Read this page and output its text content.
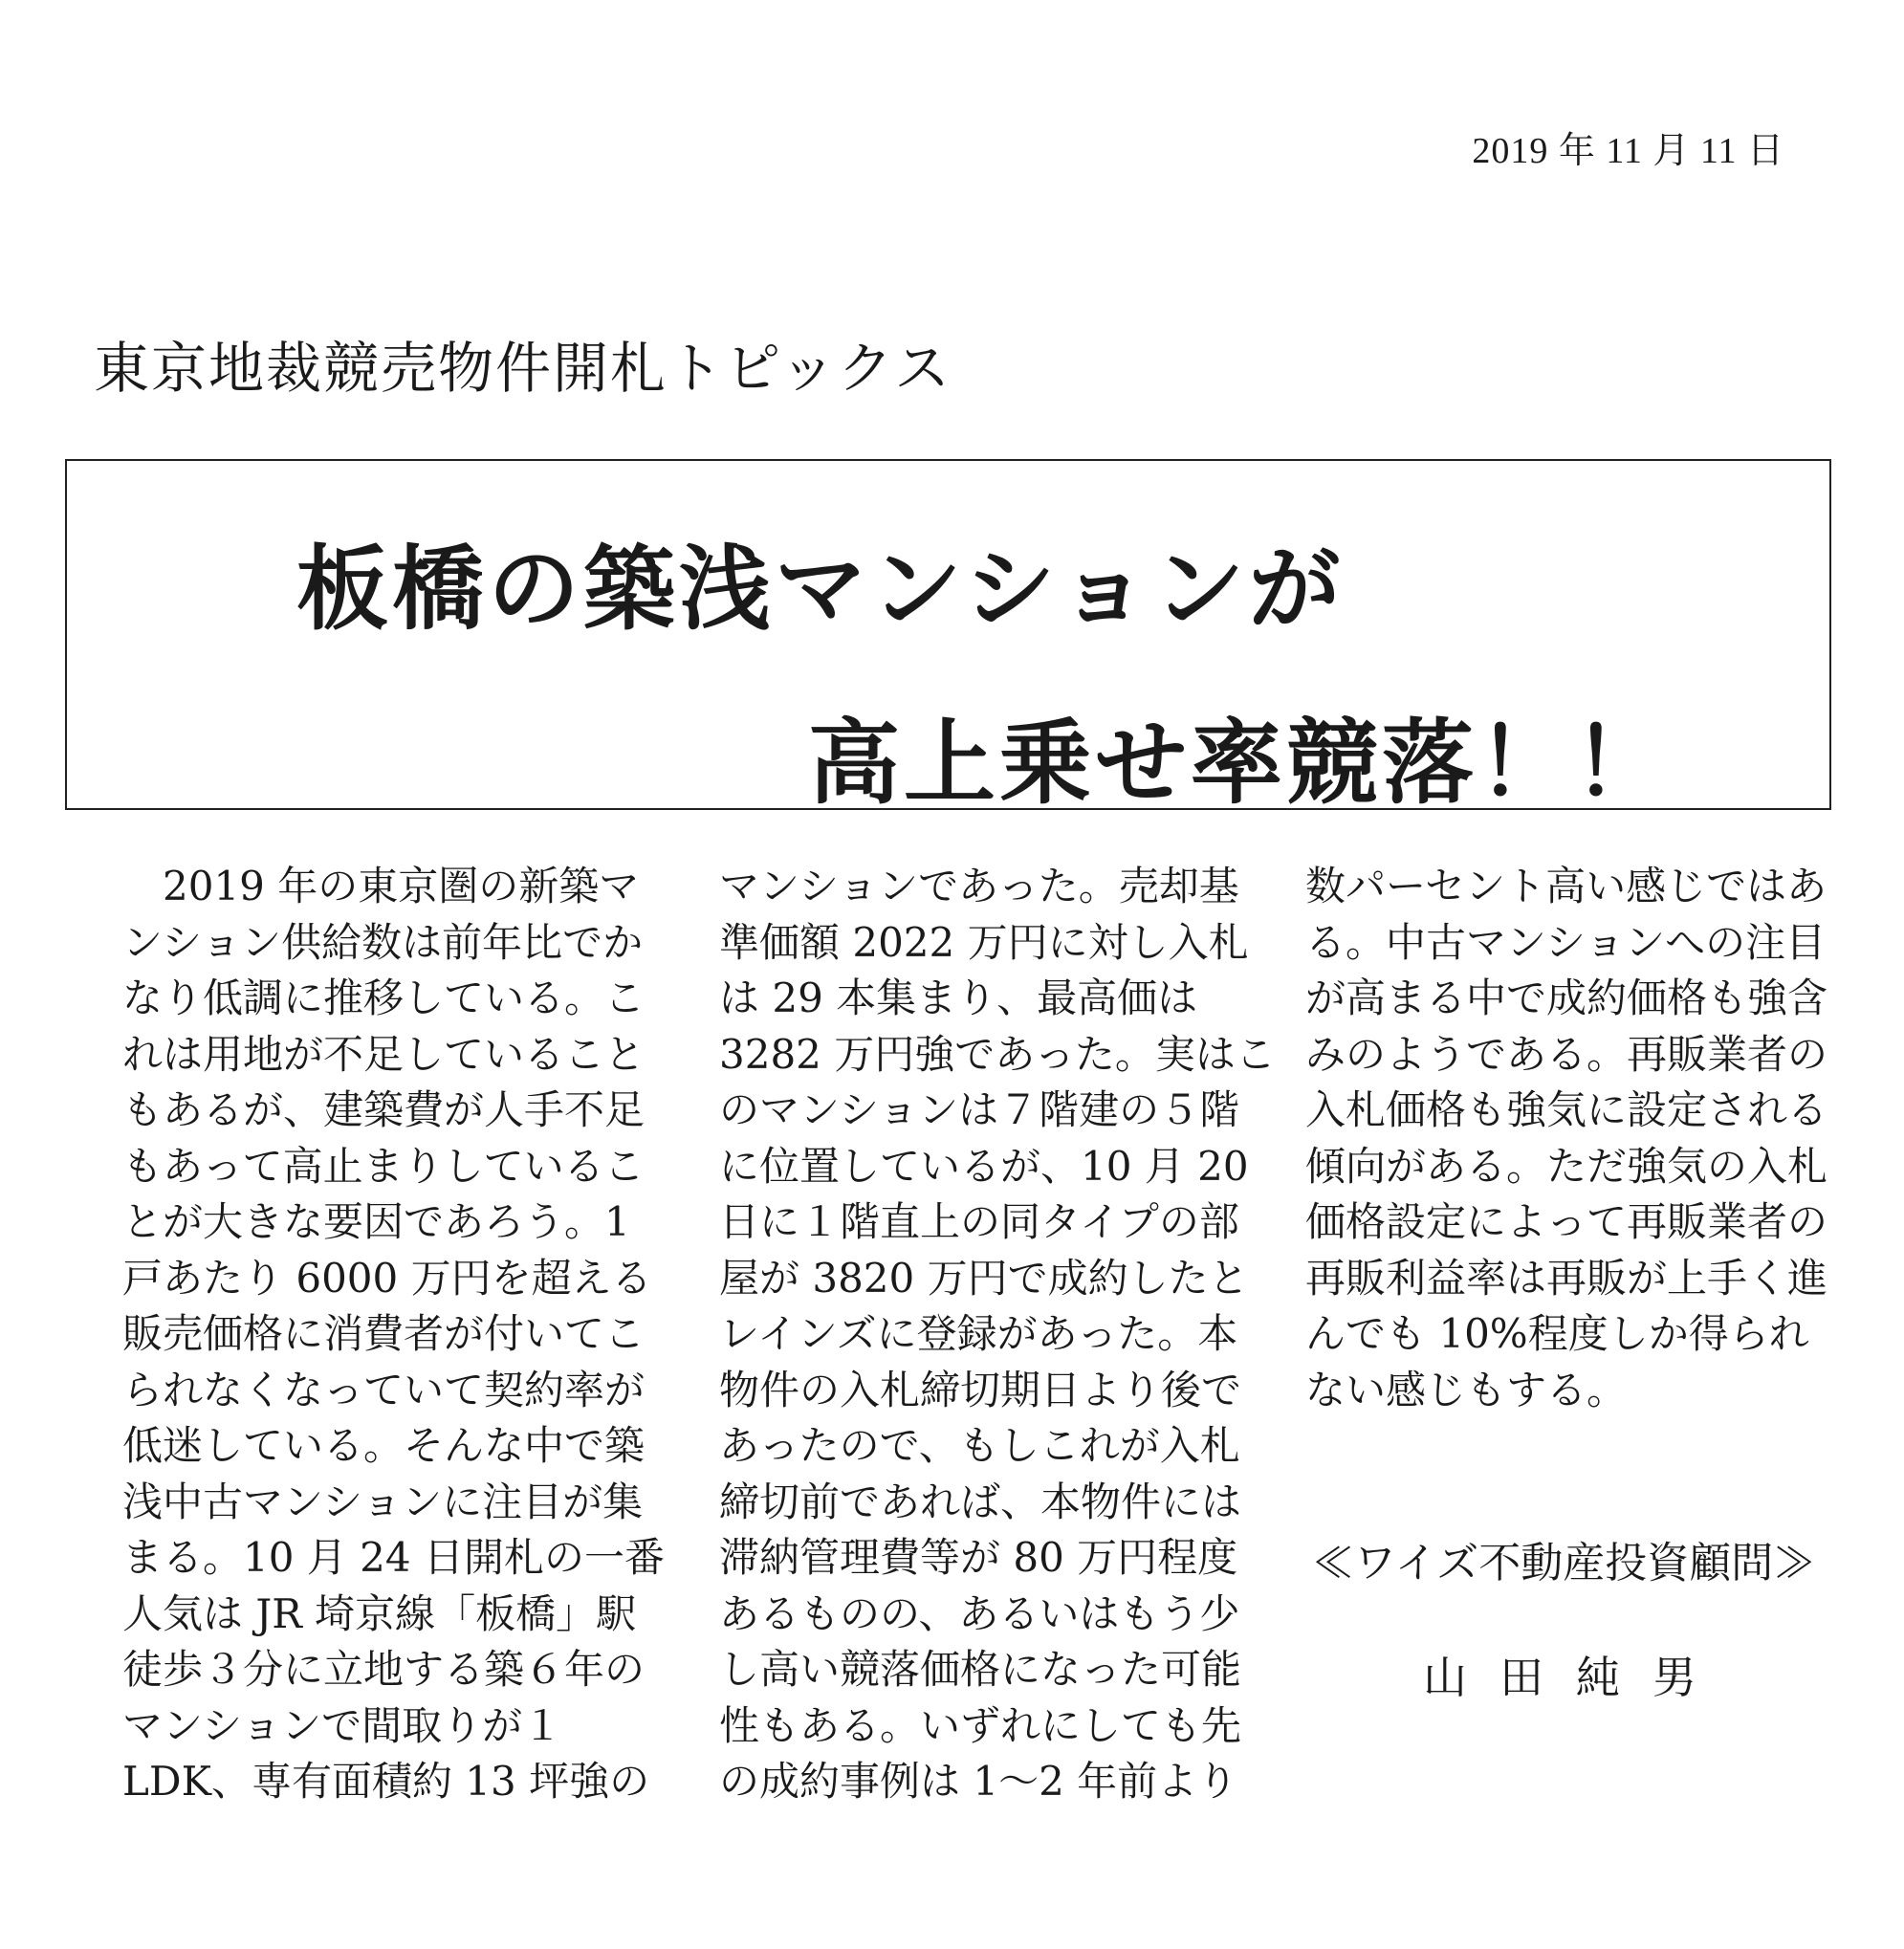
2019 年 11 月 11 日
東京地裁競売物件開札トピックス
板橋の築浅マンションが
高上乗せ率競落！！
　2019 年の東京圏の新築マ
ンション供給数は前年比でか
なり低調に推移している。こ
れは用地が不足していること
もあるが、建築費が人手不足
もあって高止まりしているこ
とが大きな要因であろう。1
戸あたり 6000 万円を超える
販売価格に消費者が付いてこ
られなくなっていて契約率が
低迷している。そんな中で築
浅中古マンションに注目が集
まる。10 月 24 日開札の一番
人気は JR 埼京線「板橋」駅
徒歩３分に立地する築６年の
マンションで間取りが１
LDK、専有面積約 13 坪強の
マンションであった。売却基
準価額 2022 万円に対し入札
は 29 本集まり、最高価は
3282 万円強であった。実はこ
のマンションは７階建の５階
に位置しているが、10 月 20
日に１階直上の同タイプの部
屋が 3820 万円で成約したと
レインズに登録があった。本
物件の入札締切期日より後で
あったので、もしこれが入札
締切前であれば、本物件には
滞納管理費等が 80 万円程度
あるものの、あるいはもう少
し高い競落価格になった可能
性もある。いずれにしても先
の成約事例は 1～2 年前より
数パーセント高い感じではあ
る。中古マンションへの注目
が高まる中で成約価格も強含
みのようである。再販業者の
入札価格も強気に設定される
傾向がある。ただ強気の入札
価格設定によって再販業者の
再販利益率は再販が上手く進
んでも 10%程度しか得られ
ない感じもする。
≪ワイズ不動産投資顧問≫
山田純男
